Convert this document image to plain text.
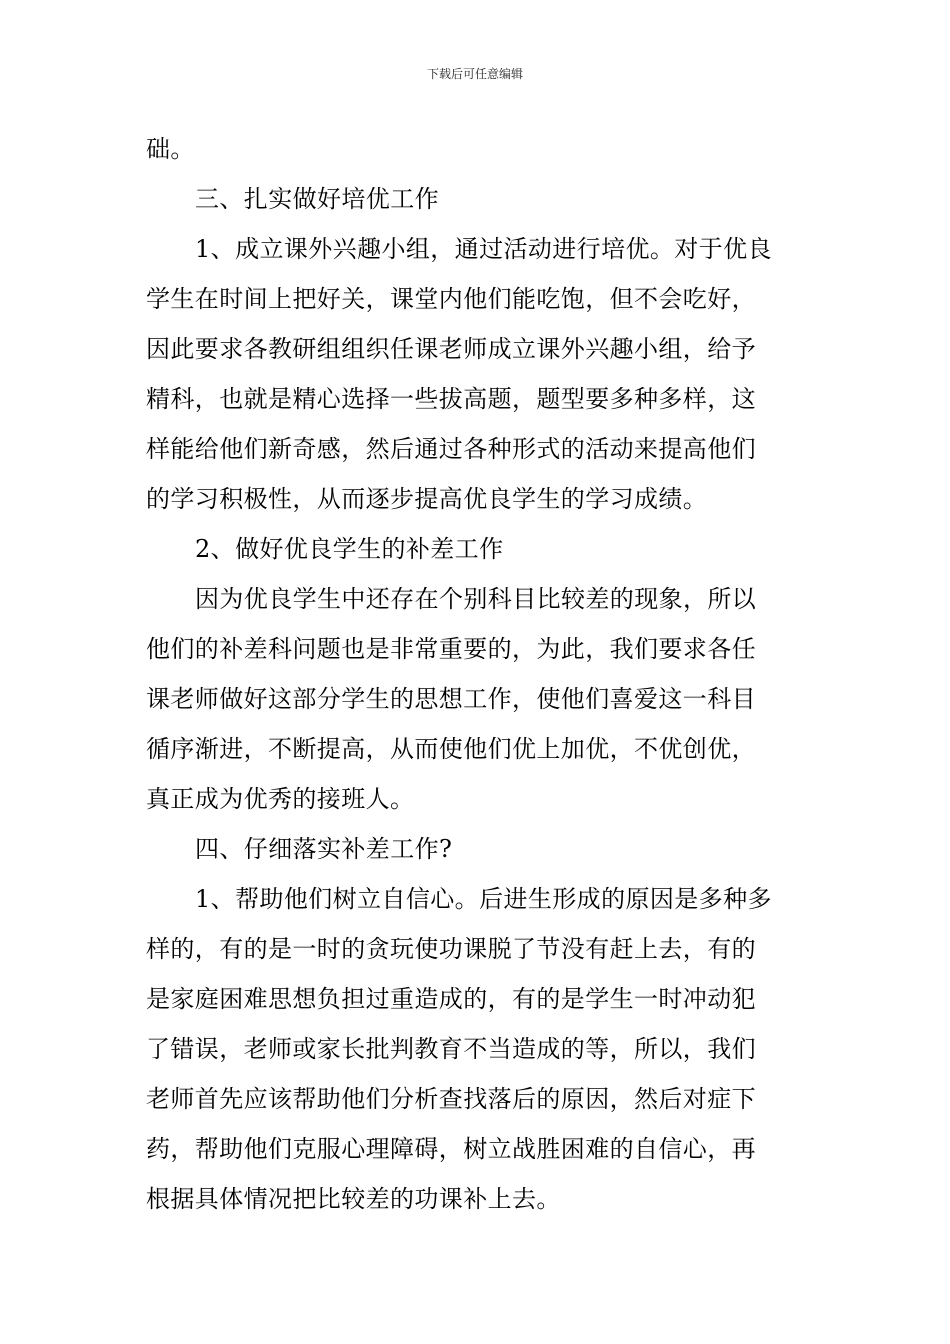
下载后可任意编辑
础。
三、扎实做好培优工作
1、成立课外兴趣小组，通过活动进行培优。对于优良
学生在时间上把好关，课堂内他们能吃饱，但不会吃好，
因此要求各教研组组织任课老师成立课外兴趣小组，给予
精科，也就是精心选择一些拔高题，题型要多种多样，这
样能给他们新奇感，然后通过各种形式的活动来提高他们
的学习积极性，从而逐步提高优良学生的学习成绩。
2、做好优良学生的补差工作
因为优良学生中还存在个别科目比较差的现象，所以
他们的补差科问题也是非常重要的，为此，我们要求各任
课老师做好这部分学生的思想工作，使他们喜爱这一科目
循序渐进，不断提高，从而使他们优上加优，不优创优，
真正成为优秀的接班人。
四、仔细落实补差工作?
1、帮助他们树立自信心。后进生形成的原因是多种多
样的，有的是一时的贪玩使功课脱了节没有赶上去，有的
是家庭困难思想负担过重造成的，有的是学生一时冲动犯
了错误，老师或家长批判教育不当造成的等，所以，我们
老师首先应该帮助他们分析查找落后的原因，然后对症下
药，帮助他们克服心理障碍，树立战胜困难的自信心，再
根据具体情况把比较差的功课补上去。
